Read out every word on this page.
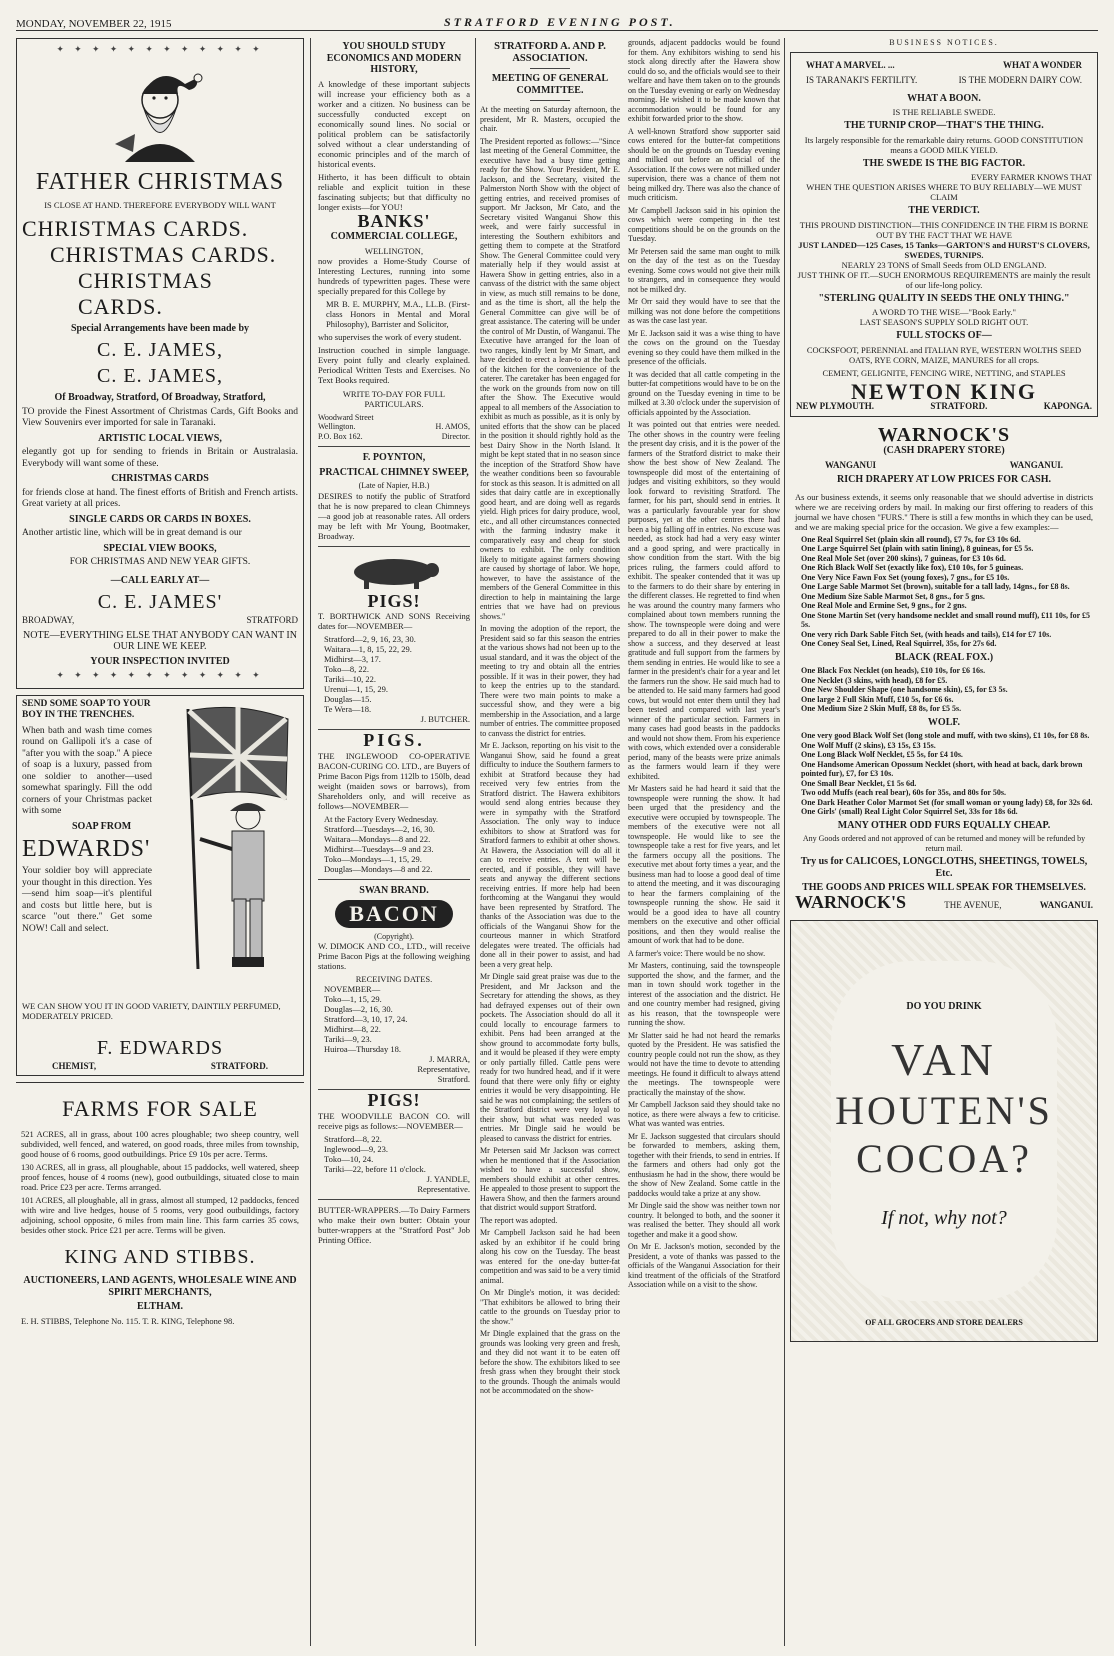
MONDAY, NOVEMBER 22, 1915	STRATFORD EVENING POST.
✦ ✦ ✦ ✦ ✦ ✦ ✦ ✦ ✦ ✦ ✦ ✦
FATHER CHRISTMAS
IS CLOSE AT HAND. THEREFORE EVERYBODY WILL WANT
CHRISTMAS CARDS.
CHRISTMAS CARDS.
CHRISTMAS CARDS.
Special Arrangements have been made by
C. E. JAMES,
C. E. JAMES,
Of Broadway, Stratford, Of Broadway, Stratford,

TO provide the Finest Assortment of Christmas Cards, Gift Books and View Souvenirs ever imported for sale in Taranaki.

ARTISTIC LOCAL VIEWS,

elegantly got up for sending to friends in Britain or Australasia. Everybody will want some of these.

CHRISTMAS CARDS

for friends close at hand. The finest efforts of British and French artists. Great variety at all prices.

SINGLE CARDS OR CARDS IN BOXES.

Another artistic line, which will be in great demand is our

SPECIAL VIEW BOOKS,
FOR CHRISTMAS AND NEW YEAR GIFTS.
—CALL EARLY AT—
C. E. JAMES'
BROADWAY,	STRATFORD
NOTE—EVERYTHING ELSE THAT ANYBODY CAN WANT IN OUR LINE WE KEEP.
YOUR INSPECTION INVITED
✦ ✦ ✦ ✦ ✦ ✦ ✦ ✦ ✦ ✦ ✦ ✦
SEND SOME SOAP TO YOUR
BOY IN THE TRENCHES.

When bath and wash time comes round on Gallipoli it's a case of "after you with the soap." A piece of soap is a luxury, passed from one soldier to another—used somewhat sparingly. Fill the odd corners of your Christmas packet with some

SOAP FROM
EDWARDS'

Your soldier boy will appreciate your thought in this direction. Yes—send him soap—it's plentiful and costs but little here, but is scarce "out there." Get some NOW! Call and select.

WE CAN SHOW YOU IT IN GOOD VARIETY, DAINTILY PERFUMED, MODERATELY PRICED.
F. EDWARDS
CHEMIST,	STRATFORD.
FARMS FOR SALE

521 ACRES, all in grass, about 100 acres ploughable; two sheep country, well subdivided, well fenced, and watered, on good roads, three miles from township, good house of 6 rooms, good outbuildings. Price £9 10s per acre. Terms.

130 ACRES, all in grass, all ploughable, about 15 paddocks, well watered, sheep proof fences, house of 4 rooms (new), good outbuildings, situated close to main road. Price £23 per acre. Terms arranged.

101 ACRES, all ploughable, all in grass, almost all stumped, 12 paddocks, fenced with wire and live hedges, house of 5 rooms, very good outbuildings, factory adjoining, school opposite, 6 miles from main line. This farm carries 35 cows, besides other stock. Price £21 per acre. Terms will be given.

KING AND STIBBS.
AUCTIONEERS, LAND AGENTS, WHOLESALE WINE AND SPIRIT MERCHANTS,
ELTHAM.
E. H. STIBBS, Telephone No. 115. T. R. KING, Telephone 98.
YOU SHOULD STUDY ECONOMICS AND MODERN HISTORY,

A knowledge of these important subjects will increase your efficiency both as a worker and a citizen. No business can be successfully conducted except on economically sound lines. No social or political problem can be satisfactorily solved without a clear understanding of economic principles and of the march of historical events.

Hitherto, it has been difficult to obtain reliable and explicit tuition in these fascinating subjects; but that difficulty no longer exists—for YOU!

BANKS'
COMMERCIAL COLLEGE,
WELLINGTON,

now provides a Home-Study Course of Interesting Lectures, running into some hundreds of typewritten pages. These were specially prepared for this College by

MR B. E. MURPHY, M.A., LL.B. (First-class Honors in Mental and Moral Philosophy), Barrister and Solicitor,

who supervises the work of every student.

Instruction couched in simple language. Every point fully and clearly explained. Periodical Written Tests and Exercises. No Text Books required.

WRITE TO-DAY FOR FULL PARTICULARS.
Woodward Street
Wellington.	H. AMOS,
P.O. Box 162.	Director.
F. POYNTON,
PRACTICAL CHIMNEY SWEEP,
(Late of Napier, H.B.)

DESIRES to notify the public of Stratford that he is now prepared to clean Chimneys—a good job at reasonable rates. All orders may be left with Mr Young, Bootmaker, Broadway.

PIGS!

T. BORTHWICK AND SONS Receiving dates for—NOVEMBER—

Stratford—2, 9, 16, 23, 30.
Waitara—1, 8, 15, 22, 29.
Midhirst—3, 17.
Toko—8, 22.
Tariki—10, 22.
Urenui—1, 15, 29.
Douglas—15.
Te Wera—18.
J. BUTCHER.
PIGS.

THE INGLEWOOD CO-OPERATIVE BACON-CURING CO. LTD., are Buyers of Prime Bacon Pigs from 112lb to 150lb, dead weight (maiden sows or barrows), from Shareholders only, and will receive as follows—NOVEMBER—

At the Factory Every Wednesday.
Stratford—Tuesdays—2, 16, 30.
Waitara—Mondays—8 and 22.
Midhirst—Tuesdays—9 and 23.
Toko—Mondays—1, 15, 29.
Douglas—Mondays—8 and 22.
SWAN BRAND.
BACON
(Copyright).

W. DIMOCK AND CO., LTD., will receive Prime Bacon Pigs at the following weighing stations.

RECEIVING DATES.
NOVEMBER—
Toko—1, 15, 29.
Douglas—2, 16, 30.
Stratford—3, 10, 17, 24.
Midhirst—8, 22.
Tariki—9, 23.
Huiroa—Thursday 18.
J. MARRA,
Representative,
Stratford.
PIGS!

THE WOODVILLE BACON CO. will receive pigs as follows:—NOVEMBER—

Stratford—8, 22.
Inglewood—9, 23.
Toko—10, 24.
Tariki—22, before 11 o'clock.
J. YANDLE,
Representative.

BUTTER-WRAPPERS.—To Dairy Farmers who make their own butter: Obtain your butter-wrappers at the "Stratford Post" Job Printing Office.

STRATFORD A. AND P. ASSOCIATION.
MEETING OF GENERAL COMMITTEE.

At the meeting on Saturday afternoon, the president, Mr R. Masters, occupied the chair.

The President reported as follows:—"Since last meeting of the General Committee, the executive have had a busy time getting ready for the Show. Your President, Mr E. Jackson, and the Secretary, visited the Palmerston North Show with the object of getting entries, and received promises of support. Mr Jackson, Mr Cato, and the Secretary visited Wanganui Show this week, and were fairly successful in interesting the Southern exhibitors and getting them to compete at the Stratford Show. The General Committee could very materially help if they would assist at Hawera Show in getting entries, also in a canvass of the district with the same object in view, as much still remains to be done, and as the time is short, all the help the General Committee can give will be of great assistance. The catering will be under the control of Mr Dustin, of Wanganui. The Executive have arranged for the loan of two ranges, kindly lent by Mr Smart, and have decided to erect a lean-to at the back of the kitchen for the convenience of the caterer. The caretaker has been engaged for the work on the grounds from now on till after the Show. The Executive would appeal to all members of the Association to exhibit as much as possible, as it is only by united efforts that the show can be placed in the position it should rightly hold as the best Dairy Show in the North Island. It might be kept stated that in no season since the inception of the Stratford Show have the weather conditions been so favourable for stock as this season. It is admitted on all sides that dairy cattle are in exceptionally good heart, and are doing well as regards yield. High prices for dairy produce, wool, etc., and all other circumstances connected with the farming industry make it comparatively easy and cheap for stock owners to exhibit. The only condition likely to mitigate against farmers showing are caused by shortage of labor. We hope, however, to have the assistance of the members of the General Committee in this direction to help in maintaining the large entries that we have had on previous shows."

In moving the adoption of the report, the President said so far this season the entries at the various shows had not been up to the usual standard, and it was the object of the meeting to try and obtain all the entries possible. If it was in their power, they had to keep the entries up to the standard. There were two main points to make a successful show, and they were a big membership in the Association, and a large number of entries. The committee proposed to canvass the district for entries.

Mr E. Jackson, reporting on his visit to the Wanganui Show, said he found a great difficulty to induce the Southern farmers to exhibit at Stratford because they had received very few entries from the Stratford district. The Hawera exhibitors would send along entries because they were in sympathy with the Stratford Association. The only way to induce exhibitors to show at Stratford was for Stratford farmers to exhibit at other shows. At Hawera, the Association will do all it can to receive entries. A tent will be erected, and if possible, they will have seats and anyway the different sections receiving entries. If more help had been forthcoming at the Wanganui they would have been represented by Stratford. The thanks of the Association was due to the officials of the Wanganui Show for the courteous manner in which Stratford delegates were treated. The officials had done all in their power to assist, and had been a very great help.

Mr Dingle said great praise was due to the President, and Mr Jackson and the Secretary for attending the shows, as they had defrayed expenses out of their own pockets. The Association should do all it could locally to encourage farmers to exhibit. Pens had been arranged at the show ground to accommodate forty bulls, and it would be pleased if they were empty or only partially filled. Cattle pens were ready for two hundred head, and if it were found that there were only fifty or eighty entries it would be very disappointing. He said he was not complaining; the settlers of the Stratford district were very loyal to their show, but what was needed was entries. Mr Dingle said he would be pleased to canvass the district for entries.

Mr Petersen said Mr Jackson was correct when he mentioned that if the Association wished to have a successful show, members should exhibit at other centres. He appealed to those present to support the Hawera Show, and then the farmers around that district would support Stratford.

The report was adopted.

Mr Campbell Jackson said he had been asked by an exhibitor if he could bring along his cow on the Tuesday. The beast was entered for the one-day butter-fat competition and was said to be a very timid animal.

On Mr Dingle's motion, it was decided: "That exhibitors be allowed to bring their cattle to the grounds on Tuesday prior to the show."

Mr Dingle explained that the grass on the grounds was looking very green and fresh, and they did not want it to be eaten off before the show. The exhibitors liked to see fresh grass when they brought their stock to the grounds. Though the animals would not be accommodated on the show-

grounds, adjacent paddocks would be found for them. Any exhibitors wishing to send his stock along directly after the Hawera show could do so, and the officials would see to their welfare and have them taken on to the grounds on the Tuesday evening or early on Wednesday morning. He wished it to be made known that accommodation would be found for any exhibit forwarded prior to the show.

A well-known Stratford show supporter said cows entered for the butter-fat competitions should be on the grounds on Tuesday evening and milked out before an official of the Association. If the cows were not milked under supervision, there was a chance of them not being milked dry. There was also the chance of much criticism.

Mr Campbell Jackson said in his opinion the cows which were competing in the test competitions should be on the grounds on the Tuesday.

Mr Petersen said the same man ought to milk on the day of the test as on the Tuesday evening. Some cows would not give their milk to strangers, and in consequence they would not be milked dry.

Mr Orr said they would have to see that the milking was not done before the competitions as was the case last year.

Mr E. Jackson said it was a wise thing to have the cows on the ground on the Tuesday evening so they could have them milked in the presence of the officials.

It was decided that all cattle competing in the butter-fat competitions would have to be on the ground on the Tuesday evening in time to be milked at 3.30 o'clock under the supervision of officials appointed by the Association.

It was pointed out that entries were needed. The other shows in the country were feeling the present day crisis, and it is the power of the farmers of the Stratford district to make their show the best show of New Zealand. The townspeople did most of the entertaining of judges and visiting exhibitors, so they would look forward to revisiting Stratford. The farmer, for his part, should send in entries. It was a particularly favourable year for show purposes, yet at the other centres there had been a big falling off in entries. No excuse was needed, as stock had had a very easy winter and a good spring, and were practically in show condition from the start. With the big prices ruling, the farmers could afford to exhibit. The speaker contended that it was up to the farmers to do their share by entering in the different classes. He regretted to find when he was around the country many farmers who complained about town members running the show. The townspeople were doing and were prepared to do all in their power to make the show a success, and they deserved at least gratitude and full support from the farmers by them sending in entries. He would like to see a farmer in the president's chair for a year and let the farmers run the show. He said much had to be attended to. He said many farmers had good cows, but would not enter them until they had been tested and compared with last year's winner of the particular section. Farmers in many cases had good beasts in the paddocks and would not show them. From his experience with cows, which extended over a considerable period, many of the beasts were prize animals as the farmers would learn if they were exhibited.

Mr Masters said he had heard it said that the townspeople were running the show. It had been urged that the presidency and the executive were occupied by townspeople. The members of the executive were not all townspeople. He would like to see the townspeople take a rest for five years, and let the farmers occupy all the positions. The executive met about forty times a year, and the business man had to loose a good deal of time to attend the meeting, and it was discouraging to hear the farmers complaining of the townspeople running the show. He said it would be a good idea to have all country members on the executive and other official positions, and then they would realise the amount of work that had to be done.

A farmer's voice: There would be no show.

Mr Masters, continuing, said the townspeople supported the show, and the farmer, and the man in town should work together in the interest of the association and the district. He and one country member had resigned, giving as his reason, that the townspeople were running the show.

Mr Slatter said he had not heard the remarks quoted by the President. He was satisfied the country people could not run the show, as they would not have the time to devote to attending meetings. He found it difficult to always attend the meetings. The townspeople were practically the mainstay of the show.

Mr Campbell Jackson said they should take no notice, as there were always a few to criticise. What was wanted was entries.

Mr E. Jackson suggested that circulars should be forwarded to members, asking them, together with their friends, to send in entries. If the farmers and others had only got the enthusiasm he had in the show, there would be the show of New Zealand. Some cattle in the paddocks would take a prize at any show.

Mr Dingle said the show was neither town nor country. It belonged to both, and the sooner it was realised the better. They should all work together and make it a good show.

On Mr E. Jackson's motion, seconded by the President, a vote of thanks was passed to the officials of the Wanganui Association for their kind treatment of the officials of the Stratford Association while on a visit to the show.

BUSINESS NOTICES.
WHAT A MARVEL. ...	WHAT A WONDER
IS TARANAKI'S FERTILITY.	IS THE MODERN DAIRY COW.
WHAT A BOON.
IS THE RELIABLE SWEDE.
THE TURNIP CROP—THAT'S THE THING.
Its largely responsible for the remarkable dairy returns. GOOD CONSTITUTION means a GOOD MILK YIELD.
THE SWEDE IS THE BIG FACTOR.
EVERY FARMER KNOWS THAT
WHEN THE QUESTION ARISES WHERE TO BUY RELIABLY—WE MUST CLAIM
THE VERDICT.
THIS PROUND DISTINCTION—THIS CONFIDENCE IN THE FIRM IS BORNE OUT BY THE FACT THAT WE HAVE
JUST LANDED—125 Cases, 15 Tanks—GARTON'S and HURST'S CLOVERS, SWEDES, TURNIPS.
NEARLY 23 TONS of Small Seeds from OLD ENGLAND.
JUST THINK OF IT.—SUCH ENORMOUS REQUIREMENTS are mainly the result of our life-long policy.
"STERLING QUALITY IN SEEDS THE ONLY THING."
A WORD TO THE WISE—"Book Early."
LAST SEASON'S SUPPLY SOLD RIGHT OUT.
FULL STOCKS OF—
COCKSFOOT, PERENNIAL and ITALIAN RYE, WESTERN WOLTHS SEED OATS, RYE CORN, MAIZE, MANURES for all crops.
CEMENT, GELIGNITE, FENCING WIRE, NETTING, and STAPLES
NEWTON KING
NEW PLYMOUTH.	STRATFORD.	KAPONGA.
WARNOCK'S
(CASH DRAPERY STORE)
WANGANUI	WANGANUI.
RICH DRAPERY AT LOW PRICES FOR CASH.

As our business extends, it seems only reasonable that we should advertise in districts where we are receiving orders by mail. In making our first offering to readers of this journal we have chosen "FURS." There is still a few months in which they can be used, and we are making special price for the occasion. We give a few examples:—

One Real Squirrel Set (plain skin all round), £7 7s, for £3 10s 6d.
One Large Squirrel Set (plain with satin lining), 8 guineas, for £5 5s.
One Real Mole Set (over 200 skins), 7 guineas, for £3 10s 6d.
One Rich Black Wolf Set (exactly like fox), £10 10s, for 5 guineas.
One Very Nice Fawn Fox Set (young foxes), 7 gns., for £5 10s.
One Large Sable Marmot Set (brown), suitable for a tall lady, 14gns., for £8 8s.
One Medium Size Sable Marmot Set, 8 gns., for 5 gns.
One Real Mole and Ermine Set, 9 gns., for 2 gns.
One Stone Martin Set (very handsome necklet and small round muff), £11 10s, for £5 5s.
One very rich Dark Sable Fitch Set, (with heads and tails), £14 for £7 10s.
One Coney Seal Set, Lined, Real Squirrel, 35s, for 27s 6d.
BLACK (REAL FOX.)
One Black Fox Necklet (on heads), £10 10s, for £6 16s.
One Necklet (3 skins, with head), £8 for £5.
One New Shoulder Shape (one handsome skin), £5, for £3 5s.
One large 2 Full Skin Muff, £10 5s, for £6 6s.
One Medium Size 2 Skin Muff, £8 8s, for £5 5s.
WOLF.
One very good Black Wolf Set (long stole and muff, with two skins), £1 10s, for £8 8s.
One Wolf Muff (2 skins), £3 15s, £3 15s.
One Long Black Wolf Necklet, £5 5s, for £4 10s.
One Handsome American Opossum Necklet (short, with head at back, dark brown pointed fur), £7, for £3 10s.
One Small Bear Necklet, £1 5s 6d.
Two odd Muffs (each real bear), 60s for 35s, and 80s for 50s.
One Dark Heather Color Marmot Set (for small woman or young lady) £8, for 32s 6d.
One Girls' (small) Real Light Color Squirrel Set, 33s for 18s 6d.
MANY OTHER ODD FURS EQUALLY CHEAP.
Any Goods ordered and not approved of can be returned and money will be refunded by return mail.
Try us for CALICOES, LONGCLOTHS, SHEETINGS, TOWELS, Etc.
THE GOODS AND PRICES WILL SPEAK FOR THEMSELVES.
WARNOCK'S	THE AVENUE,	WANGANUI.
DO YOU DRINK
VAN
HOUTEN'S
COCOA?
If not, why not?
OF ALL GROCERS AND STORE DEALERS
